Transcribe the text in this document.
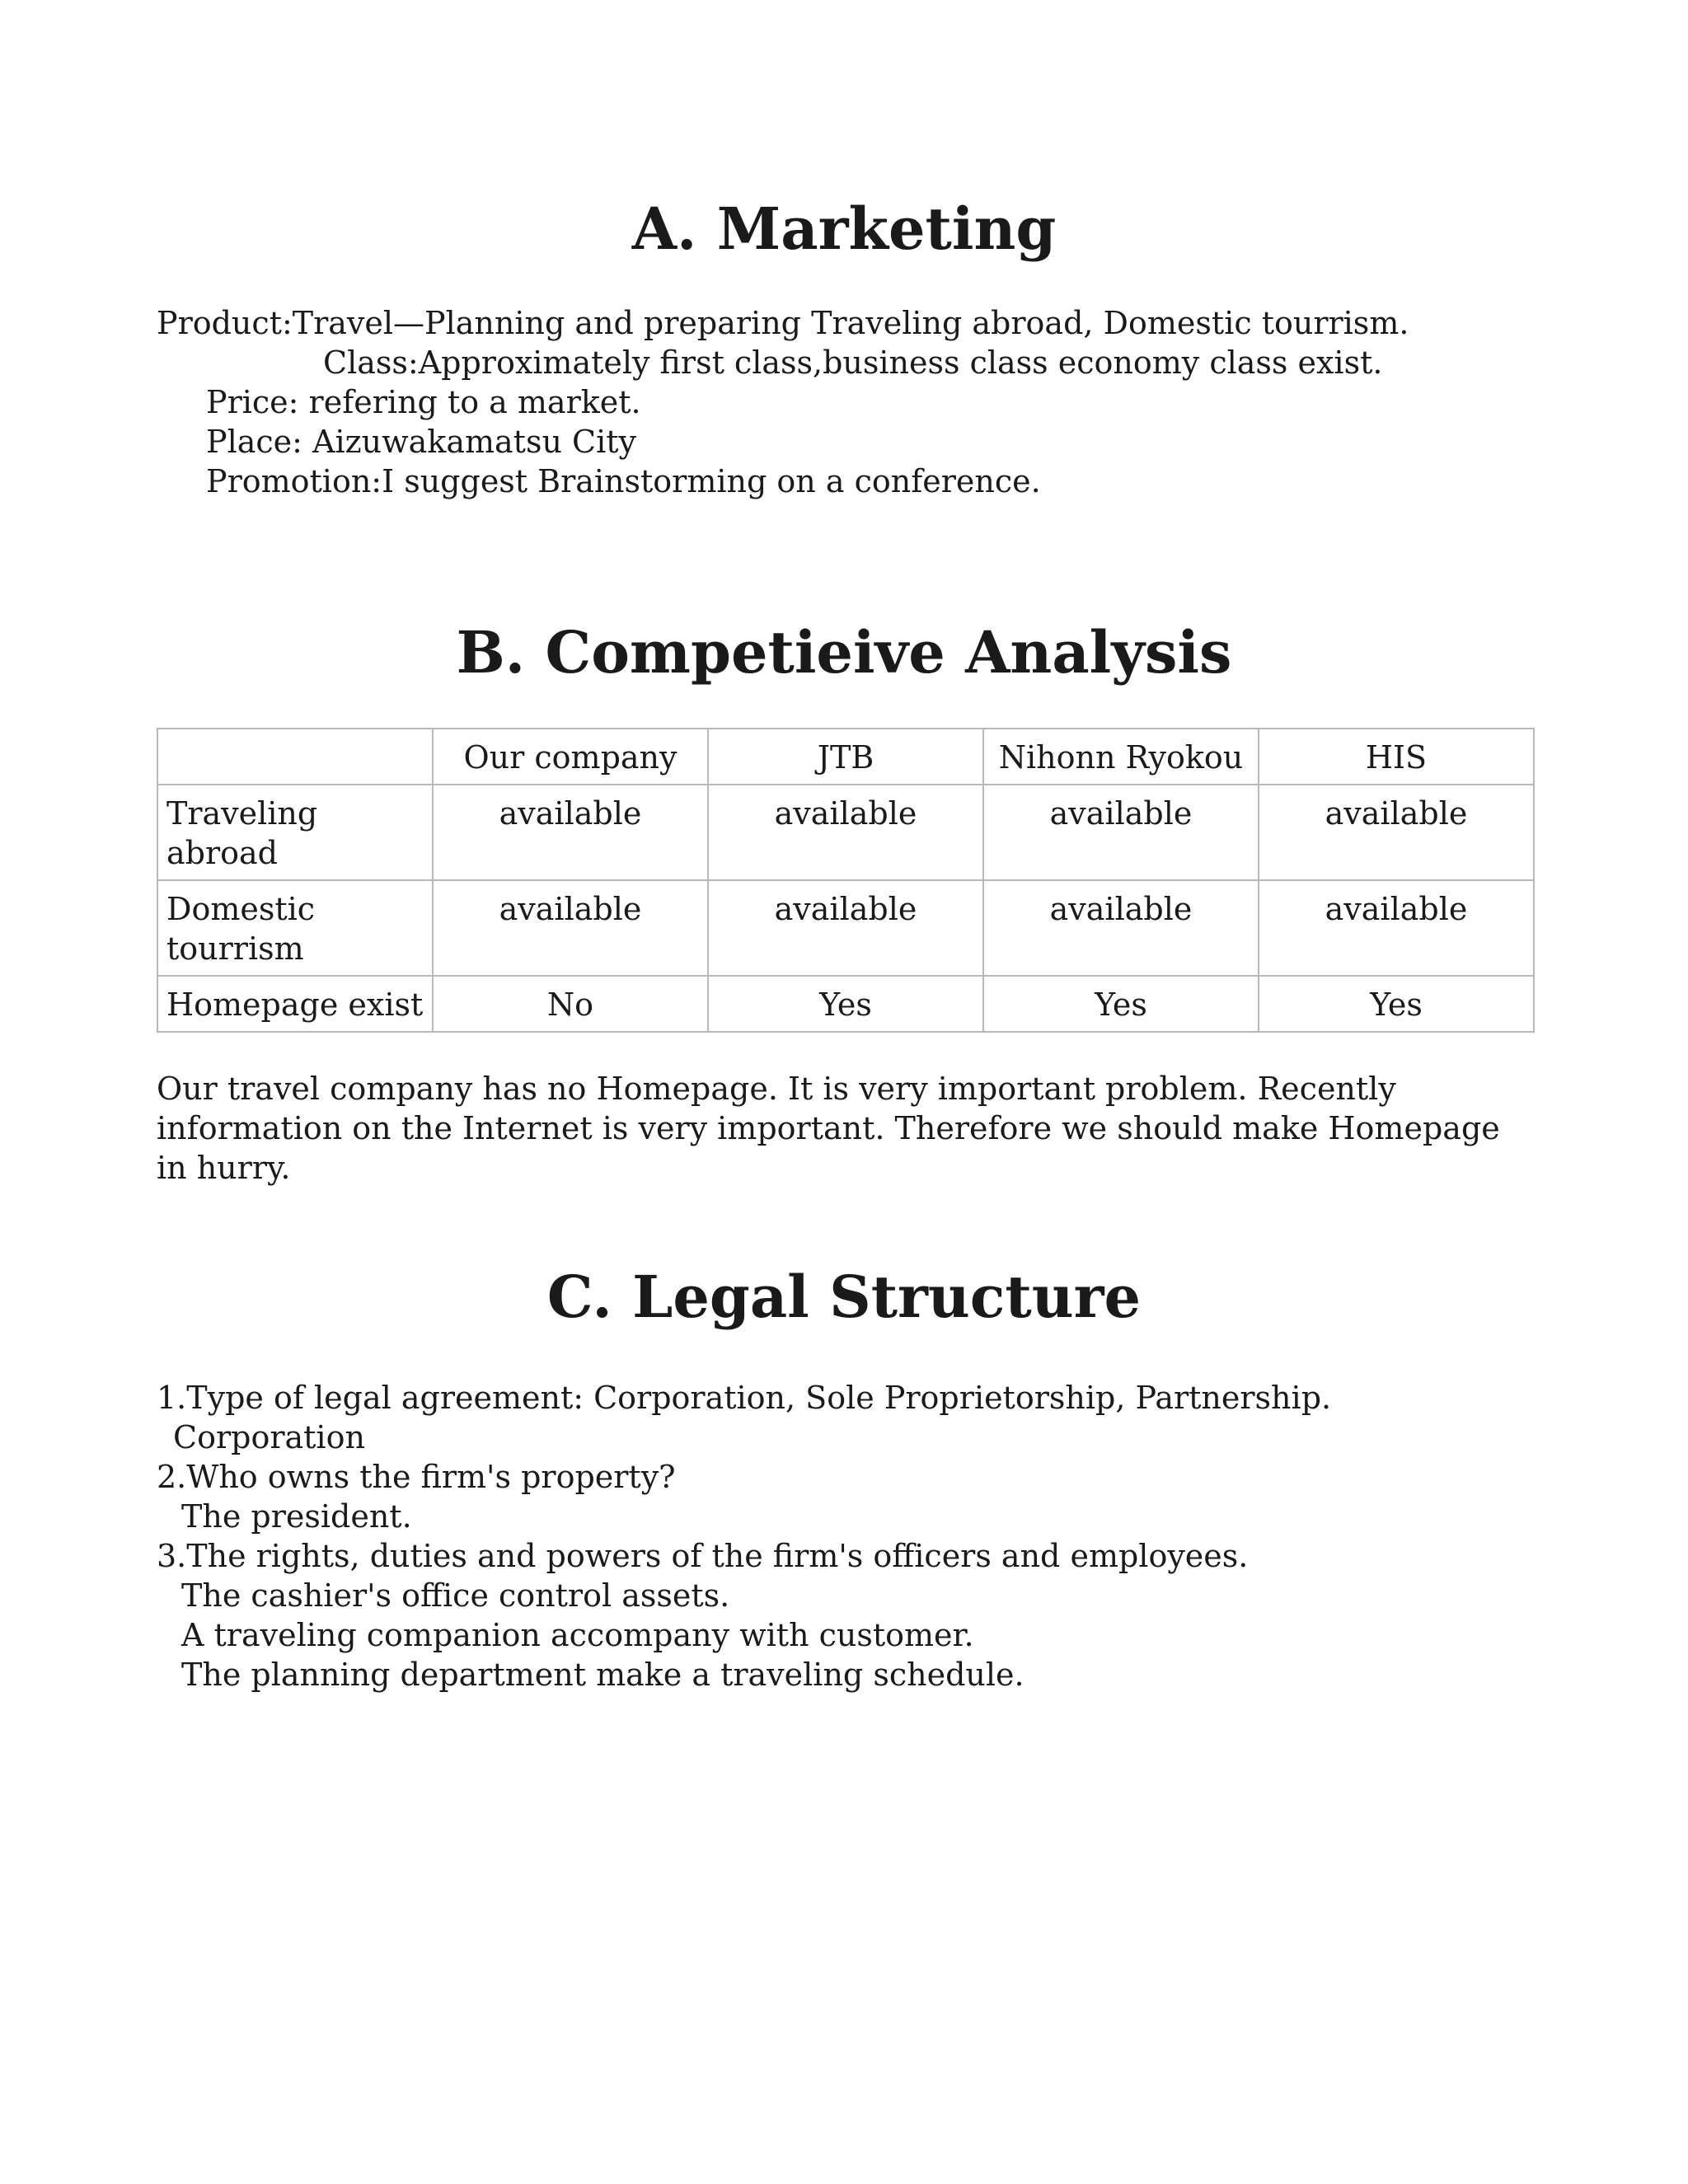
A. Marketing
Product:Travel—Planning and preparing Traveling abroad, Domestic tourrism.
Class:Approximately first class,business class economy class exist.
Price: refering to a market.
Place: Aizuwakamatsu City
Promotion:I suggest Brainstorming on a conference.
B. Competieive Analysis
	Our company	JTB	Nihonn Ryokou	HIS
Traveling abroad	available	available	available	available
Domestic tourrism	available	available	available	available
Homepage exist	No	Yes	Yes	Yes
Our travel company has no Homepage. It is very important problem. Recently information on the Internet is very important. Therefore we should make Homepage in hurry.
C. Legal Structure
1.Type of legal agreement: Corporation, Sole Proprietorship, Partnership.
Corporation
2.Who owns the firm's property?
The president.
3.The rights, duties and powers of the firm's officers and employees.
The cashier's office control assets.
A traveling companion accompany with customer.
The planning department make a traveling schedule.
